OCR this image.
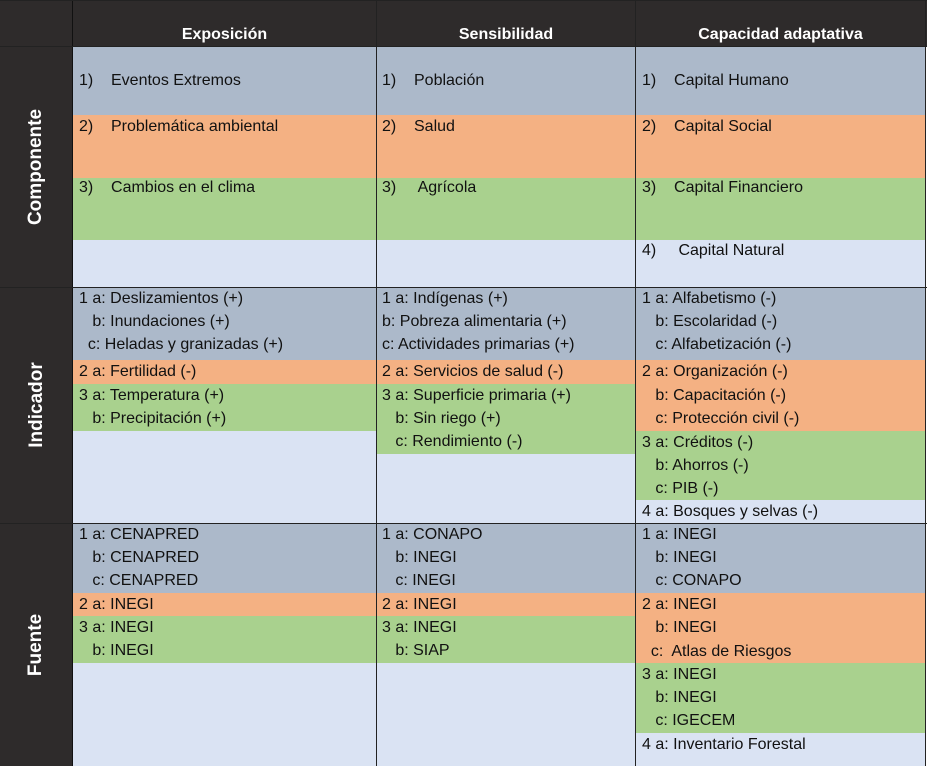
Exposición	Sensibilidad	Capacidad adaptativa
Componente
Indicador
Fuente
1)    Eventos Extremos
2)    Problemática ambiental
3)    Cambios en el clima
1)    Población
2)    Salud
3)     Agrícola
1)    Capital Humano
2)    Capital Social
3)    Capital Financiero
4)     Capital Natural
1 a: Deslizamientos (+)
b: Inundaciones (+)
c: Heladas y granizadas (+)
2 a: Fertilidad (-)
3 a: Temperatura (+)
b: Precipitación (+)
1 a: Indígenas (+)
b: Pobreza alimentaria (+)
c: Actividades primarias (+)
2 a: Servicios de salud (-)
3 a: Superficie primaria (+)
b: Sin riego (+)
c: Rendimiento (-)
1 a: Alfabetismo (-)
b: Escolaridad (-)
c: Alfabetización (-)
2 a: Organización (-)
b: Capacitación (-)
c: Protección civil (-)
3 a: Créditos (-)
b: Ahorros (-)
c: PIB (-)
4 a: Bosques y selvas (-)
1 a: CENAPRED
b: CENAPRED
c: CENAPRED
2 a: INEGI
3 a: INEGI
b: INEGI
1 a: CONAPO
b: INEGI
c: INEGI
2 a: INEGI
3 a: INEGI
b: SIAP
1 a: INEGI
b: INEGI
c: CONAPO
2 a: INEGI
b: INEGI
c:  Atlas de Riesgos
3 a: INEGI
b: INEGI
c: IGECEM
4 a: Inventario Forestal
